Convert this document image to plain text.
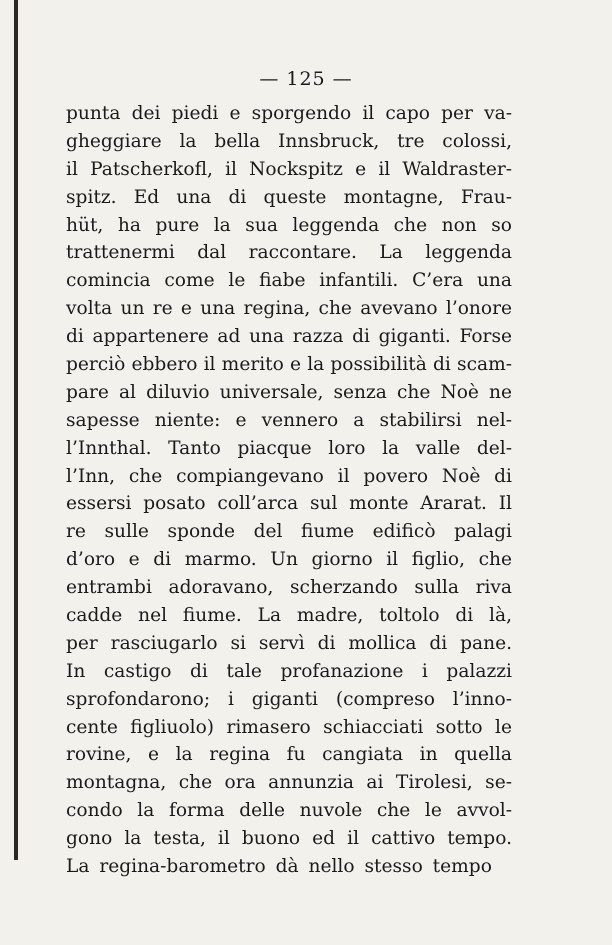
— 125 —
punta dei piedi e sporgendo il capo per va-
gheggiare la bella Innsbruck, tre colossi,
il Patscherkofl, il Nockspitz e il Waldraster-
spitz. Ed una di queste montagne, Frau-
hüt, ha pure la sua leggenda che non so
trattenermi dal raccontare. La leggenda
comincia come le fiabe infantili. C’era una
volta un re e una regina, che avevano l’onore
di appartenere ad una razza di giganti. Forse
perciò ebbero il merito e la possibilità di scam-
pare al diluvio universale, senza che Noè ne
sapesse niente: e vennero a stabilirsi nel-
l’Innthal. Tanto piacque loro la valle del-
l’Inn, che compiangevano il povero Noè di
essersi posato coll’arca sul monte Ararat. Il
re sulle sponde del fiume edificò palagi
d’oro e di marmo. Un giorno il figlio, che
entrambi adoravano, scherzando sulla riva
cadde nel fiume. La madre, toltolo di là,
per rasciugarlo si servì di mollica di pane.
In castigo di tale profanazione i palazzi
sprofondarono; i giganti (compreso l’inno-
cente figliuolo) rimasero schiacciati sotto le
rovine, e la regina fu cangiata in quella
montagna, che ora annunzia ai Tirolesi, se-
condo la forma delle nuvole che le avvol-
gono la testa, il buono ed il cattivo tempo.
La regina-barometro dà nello stesso tempo
